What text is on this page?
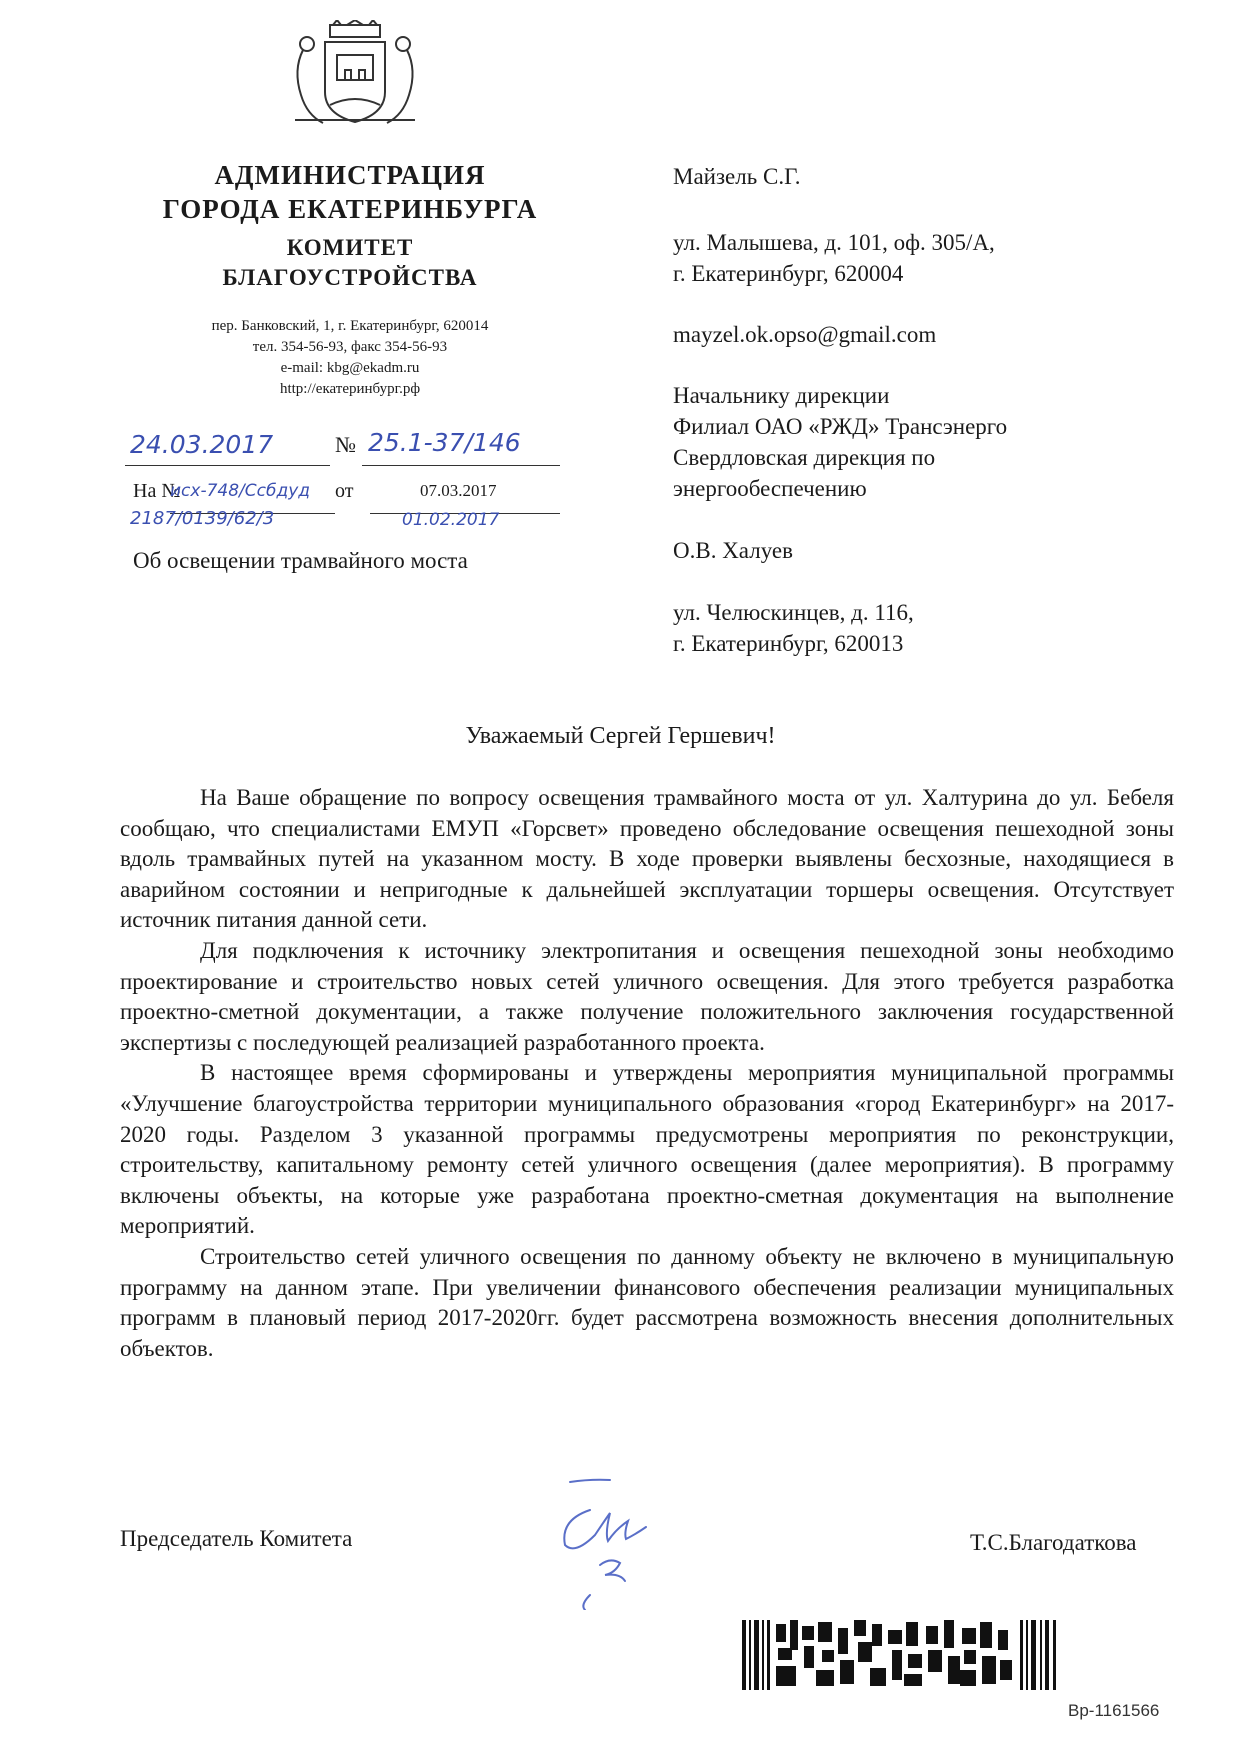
АДМИНИСТРАЦИЯ
ГОРОДА ЕКАТЕРИНБУРГА
КОМИТЕТ
БЛАГОУСТРОЙСТВА
пер. Банковский, 1, г. Екатеринбург, 620014
тел. 354-56-93, факс 354-56-93
e-mail: kbg@ekadm.ru
http://екатеринбург.рф
24.03.2017	№ 25.1-37/146
На №
исх-748/Ссбдуд от	07.03.2017
2187/0139/62/3	01.02.2017
Об освещении трамвайного моста
Майзель С.Г.
ул. Малышева, д. 101, оф. 305/А,
г. Екатеринбург, 620004
mayzel.ok.opso@gmail.com
Начальнику дирекции
Филиал ОАО «РЖД» Трансэнерго
Свердловская дирекция по
энергообеспечению
О.В. Халуев
ул. Челюскинцев, д. 116,
г. Екатеринбург, 620013
Уважаемый Сергей Гершевич!

На Ваше обращение по вопросу освещения трамвайного моста от ул. Халтурина до ул. Бебеля сообщаю, что специалистами ЕМУП «Горсвет» проведено обследование освещения пешеходной зоны вдоль трамвайных путей на указанном мосту. В ходе проверки выявлены бесхозные, находящиеся в аварийном состоянии и непригодные к дальнейшей эксплуатации торшеры освещения. Отсутствует источник питания данной сети.

Для подключения к источнику электропитания и освещения пешеходной зоны необходимо проектирование и строительство новых сетей уличного освещения. Для этого требуется разработка проектно-сметной документации, а также получение положительного заключения государственной экспертизы с последующей реализацией разработанного проекта.

В настоящее время сформированы и утверждены мероприятия муниципальной программы «Улучшение благоустройства территории муниципального образования «город Екатеринбург» на 2017-2020 годы. Разделом 3 указанной программы предусмотрены мероприятия по реконструкции, строительству, капитальному ремонту сетей уличного освещения (далее мероприятия). В программу включены объекты, на которые уже разработана проектно-сметная документация на выполнение мероприятий.

Строительство сетей уличного освещения по данному объекту не включено в муниципальную программу на данном этапе. При увеличении финансового обеспечения реализации муниципальных программ в плановый период 2017-2020гг. будет рассмотрена возможность внесения дополнительных объектов.

Председатель Комитета	Т.С.Благодаткова
Вр-1161566
